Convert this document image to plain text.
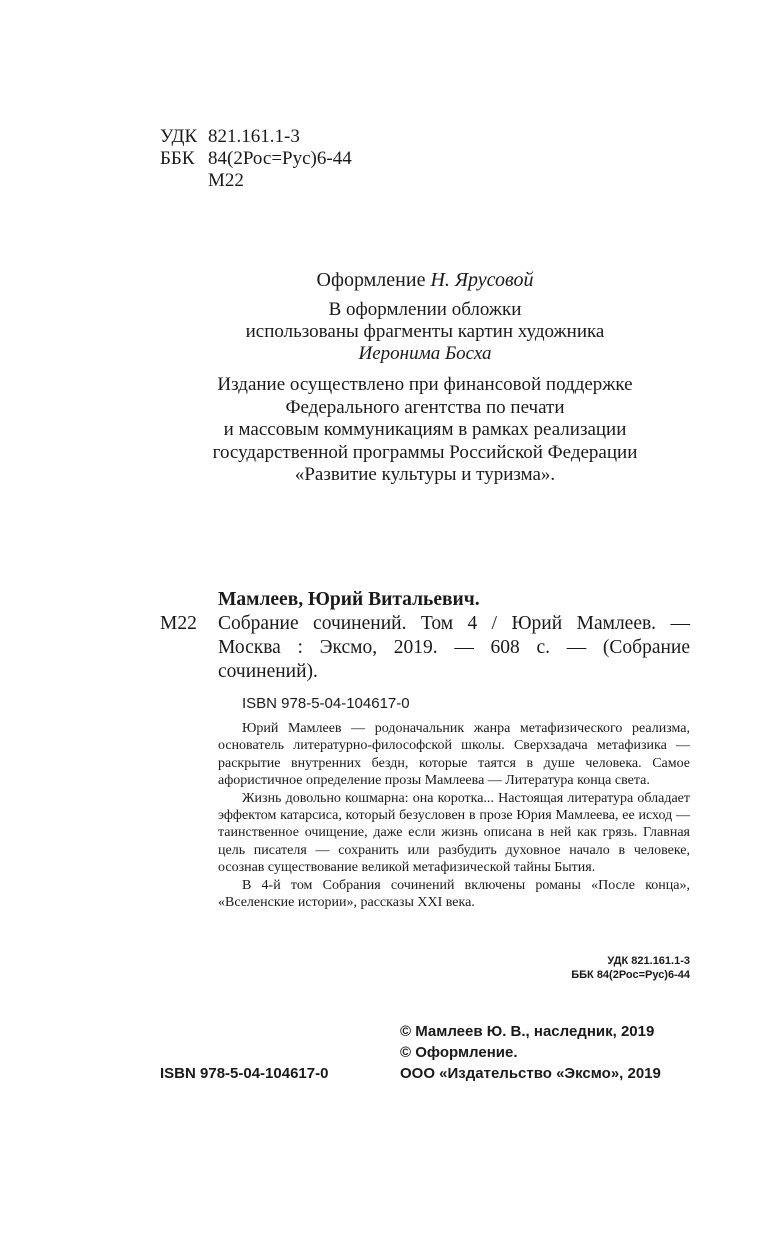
УДК 821.161.1-3
ББК 84(2Рос=Рус)6-44
М22
Оформление Н. Ярусовой
В оформлении обложки
использованы фрагменты картин художника
Иеронима Босха
Издание осуществлено при финансовой поддержке
Федерального агентства по печати
и массовым коммуникациям в рамках реализации
государственной программы Российской Федерации
«Развитие культуры и туризма».
Мамлеев, Юрий Витальевич.
М22 Собрание сочинений. Том 4 / Юрий Мамлеев. — Москва : Эксмо, 2019. — 608 с. — (Собрание сочинений).
ISBN 978-5-04-104617-0

Юрий Мамлеев — родоначальник жанра метафизического реализма, основатель литературно-философской школы. Сверхзадача метафизика — раскрытие внутренних бездн, которые таятся в душе человека. Самое афористичное определение прозы Мамлеева — Литература конца света.

Жизнь довольно кошмарна: она коротка... Настоящая литература обладает эффектом катарсиса, который безусловен в прозе Юрия Мамлеева, ее исход — таинственное очищение, даже если жизнь описана в ней как грязь. Главная цель писателя — сохранить или разбудить духовное начало в человеке, осознав существование великой метафизической тайны Бытия.

В 4-й том Собрания сочинений включены романы «После конца», «Вселенские истории», рассказы XXI века.

УДК 821.161.1-3
ББК 84(2Рос=Рус)6-44
© Мамлеев Ю. В., наследник, 2019
© Оформление.
ООО «Издательство «Эксмо», 2019
ISBN 978-5-04-104617-0
